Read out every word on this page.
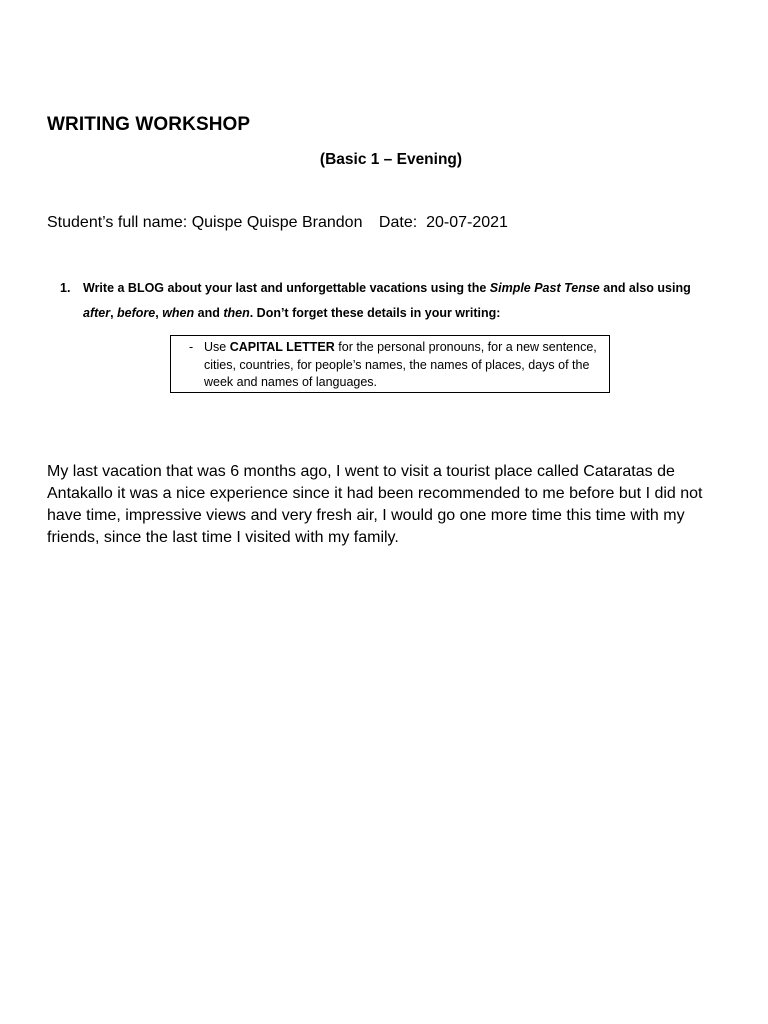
WRITING WORKSHOP
(Basic 1 – Evening)
Student’s full name: Quispe Quispe Brandon Date: 20-07-2021
1. Write a BLOG about your last and unforgettable vacations using the Simple Past Tense and also using after, before, when and then. Don’t forget these details in your writing:
- Use CAPITAL LETTER for the personal pronouns, for a new sentence, cities, countries, for people’s names, the names of places, days of the week and names of languages.
My last vacation that was 6 months ago, I went to visit a tourist place called Cataratas de Antakallo it was a nice experience since it had been recommended to me before but I did not have time, impressive views and very fresh air, I would go one more time this time with my friends, since the last time I visited with my family.
